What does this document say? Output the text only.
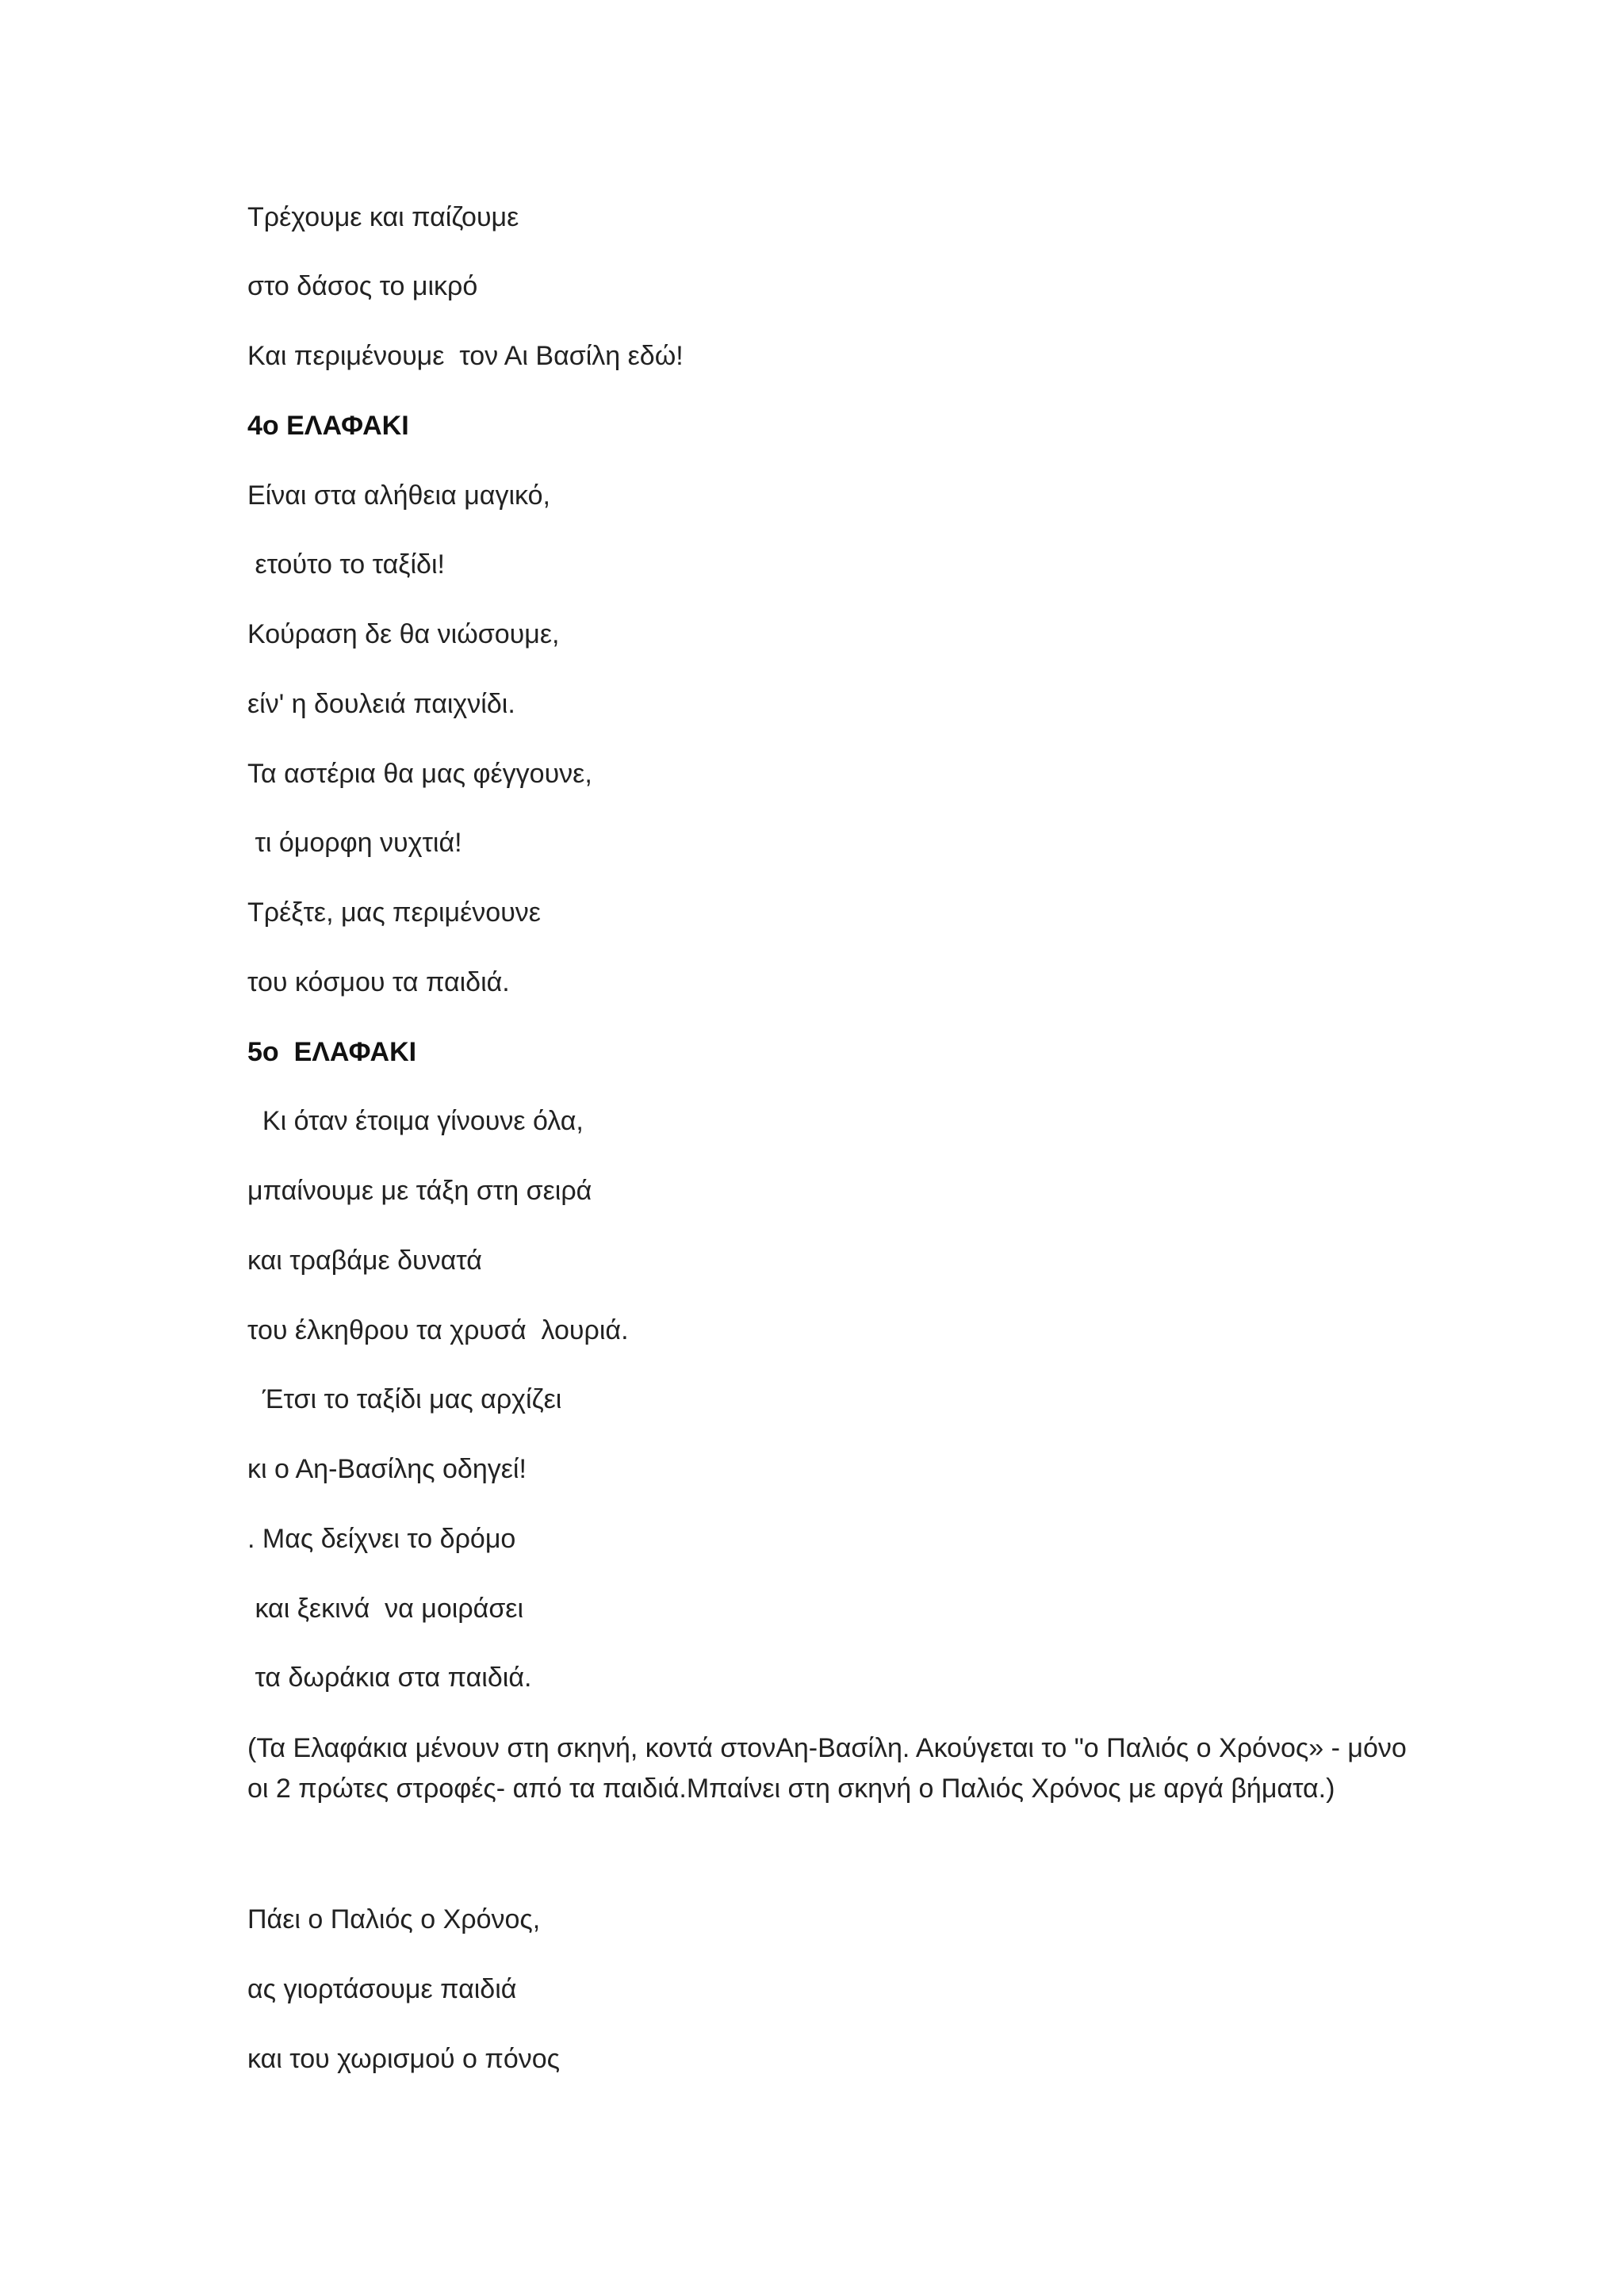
Τρέχουμε και παίζουμε

στο δάσος το μικρό

Και περιμένουμε  τον Αι Βασίλη εδώ!

4ο ΕΛΑΦΑΚΙ

Είναι στα αλήθεια μαγικό,

ετούτο το ταξίδι!

Κούραση δε θα νιώσουμε,

είν' η δουλειά παιχνίδι.

Τα αστέρια θα μας φέγγουνε,

τι όμορφη νυχτιά!

Τρέξτε, μας περιμένουνε

του κόσμου τα παιδιά.

5ο  ΕΛΑΦΑΚΙ

Κι όταν έτοιμα γίνουνε όλα,

μπαίνουμε με τάξη στη σειρά

και τραβάμε δυνατά

του έλκηθρου τα χρυσά  λουριά.

Έτσι το ταξίδι μας αρχίζει

κι ο Αη-Βασίλης οδηγεί!

. Μας δείχνει το δρόμο

και ξεκινά  να μοιράσει

τα δωράκια στα παιδιά.

(Τα Ελαφάκια μένουν στη σκηνή, κοντά στονΑη-Βασίλη. Ακούγεται το "ο Παλιός ο Χρόνος» - μόνο οι 2 πρώτες στροφές- από τα παιδιά.Μπαίνει στη σκηνή ο Παλιός Χρόνος με αργά βήματα.)

Πάει ο Παλιός ο Χρόνος,

ας γιορτάσουμε παιδιά

και του χωρισμού ο πόνος
